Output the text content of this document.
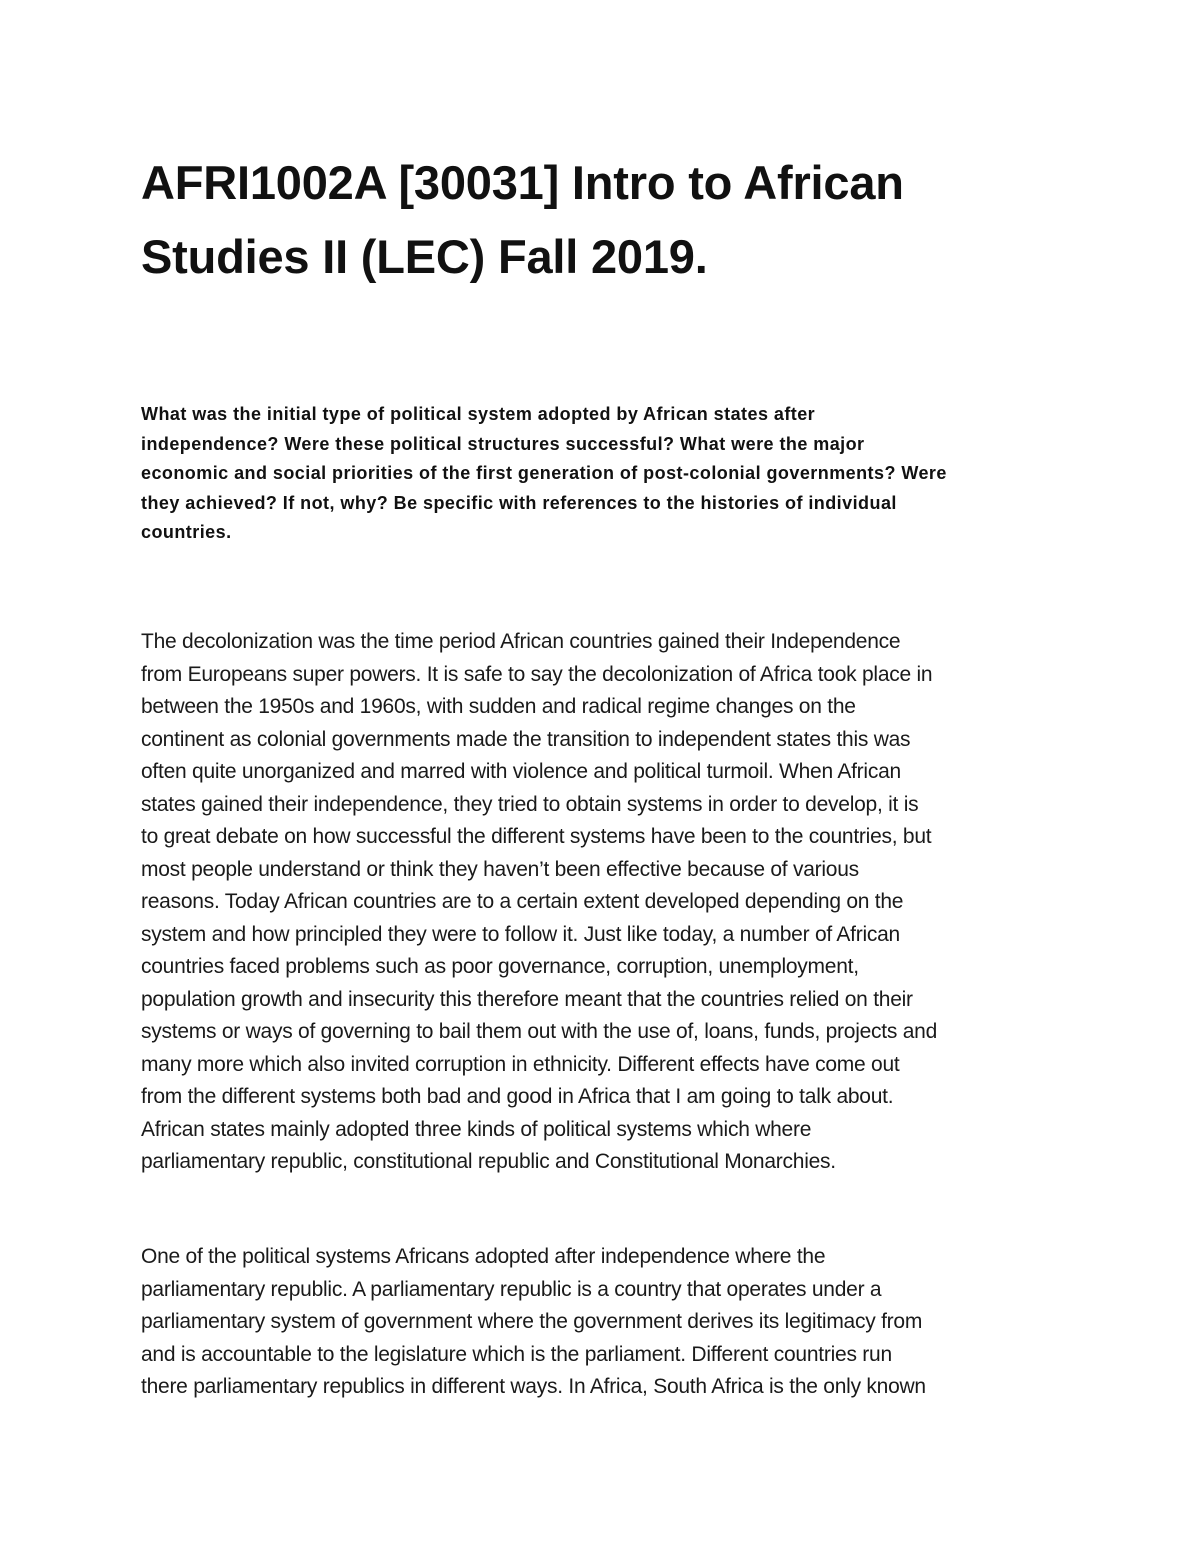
AFRI1002A [30031] Intro to African
Studies II (LEC) Fall 2019.

What was the initial type of political system adopted by African states after
independence? Were these political structures successful? What were the major
economic and social priorities of the first generation of post-colonial governments? Were
they achieved? If not, why? Be specific with references to the histories of individual
countries.

The decolonization was the time period African countries gained their Independence
from Europeans super powers. It is safe to say the decolonization of Africa took place in
between the 1950s and 1960s, with sudden and radical regime changes on the
continent as colonial governments made the transition to independent states this was
often quite unorganized and marred with violence and political turmoil. When African
states gained their independence, they tried to obtain systems in order to develop, it is
to great debate on how successful the different systems have been to the countries, but
most people understand or think they haven’t been effective because of various
reasons. Today African countries are to a certain extent developed depending on the
system and how principled they were to follow it. Just like today, a number of African
countries faced problems such as poor governance, corruption, unemployment,
population growth and insecurity this therefore meant that the countries relied on their
systems or ways of governing to bail them out with the use of, loans, funds, projects and
many more which also invited corruption in ethnicity. Different effects have come out
from the different systems both bad and good in Africa that I am going to talk about.
African states mainly adopted three kinds of political systems which where
parliamentary republic, constitutional republic and Constitutional Monarchies.

One of the political systems Africans adopted after independence where the
parliamentary republic. A parliamentary republic is a country that operates under a
parliamentary system of government where the government derives its legitimacy from
and is accountable to the legislature which is the parliament. Different countries run
there parliamentary republics in different ways. In Africa, South Africa is the only known
